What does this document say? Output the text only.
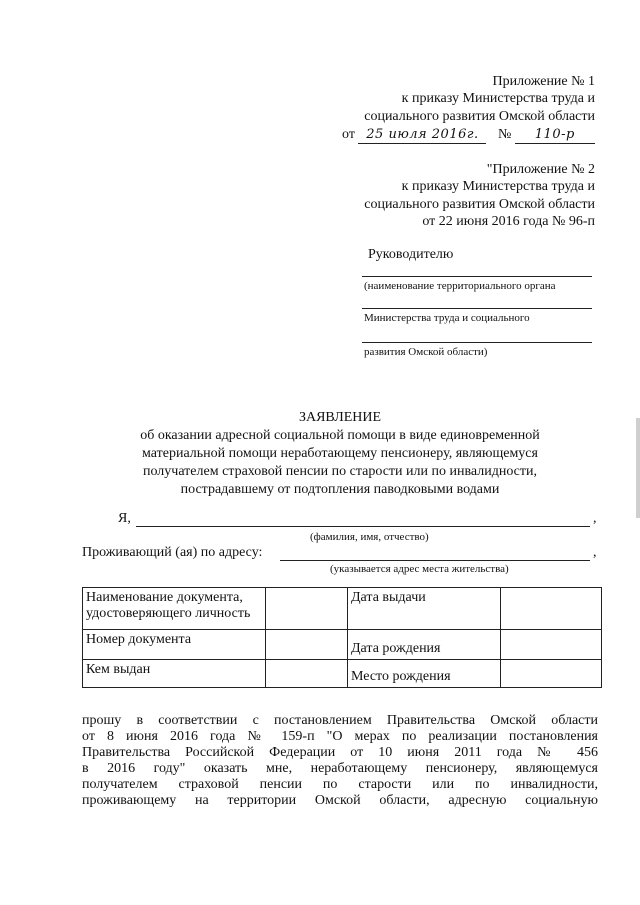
Приложение № 1
к приказу Министерства труда и
социального развития Омской области
от 25 июля 2016г. № 110-р
"Приложение № 2
к приказу Министерства труда и
социального развития Омской области
от 22 июня 2016 года № 96-п
Руководителю
(наименование территориального органа
Министерства труда и социального
развития Омской области)
ЗАЯВЛЕНИЕ
об оказании адресной социальной помощи в виде единовременной
материальной помощи неработающему пенсионеру, являющемуся
получателем страховой пенсии по старости или по инвалидности,
пострадавшему от подтопления паводковыми водами
Я,	,
(фамилия, имя, отчество)
Проживающий (ая) по адресу:	,
(указывается адрес места жительства)
Наименование документа, удостоверяющего личность		Дата выдачи	
Номер документа		Дата рождения	
Кем выдан		Место рождения	
прошу в соответствии с постановлением Правительства Омской области
от 8 июня 2016 года № 159-п "О мерах по реализации постановления
Правительства Российской Федерации от 10 июня 2011 года № 456
в 2016 году" оказать мне, неработающему пенсионеру, являющемуся
получателем страховой пенсии по старости или по инвалидности,
проживающему на территории Омской области, адресную социальную
